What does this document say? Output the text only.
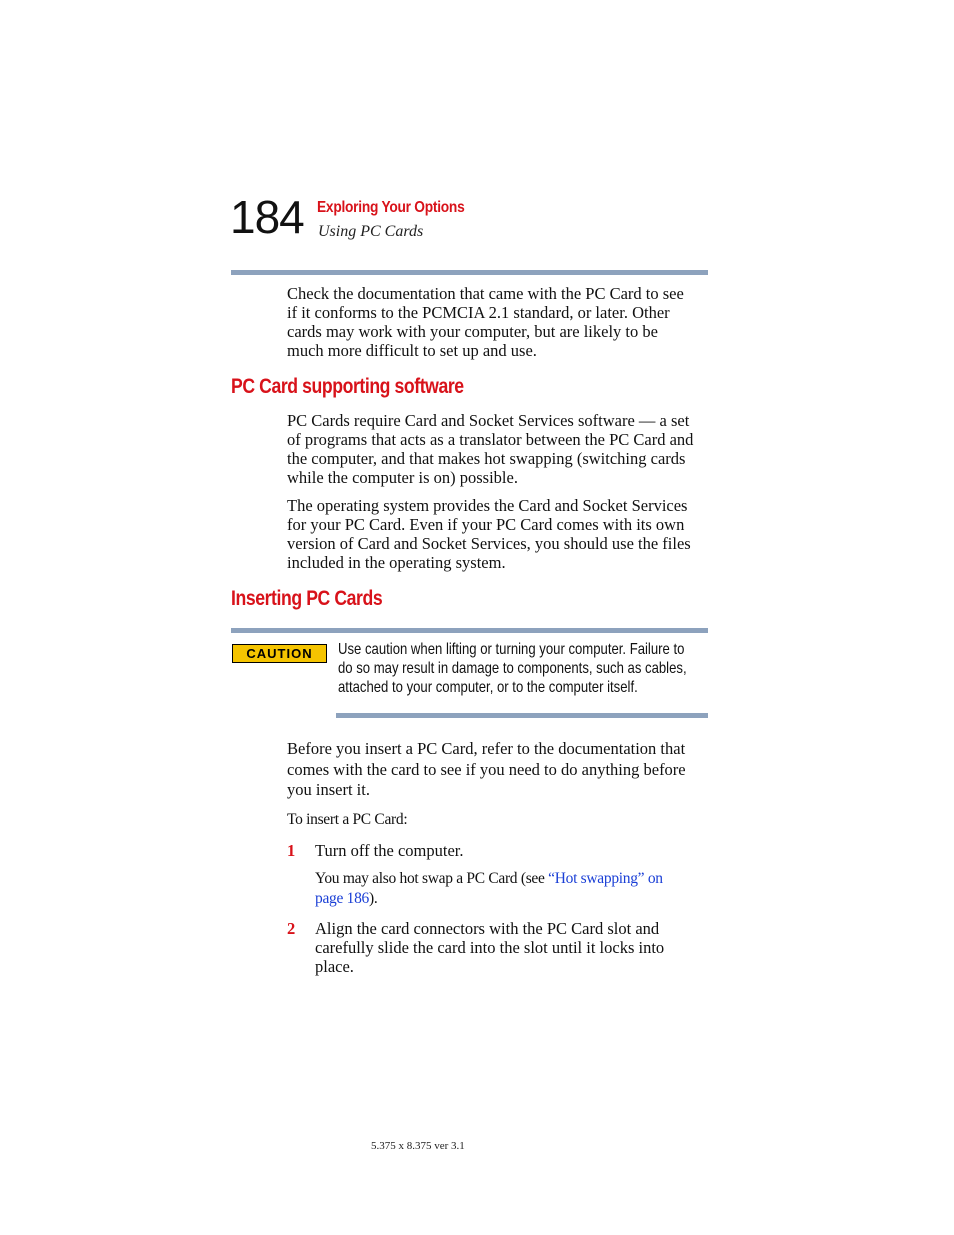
184 Exploring Your Options
Using PC Cards
Check the documentation that came with the PC Card to see
if it conforms to the PCMCIA 2.1 standard, or later. Other
cards may work with your computer, but are likely to be
much more difficult to set up and use.
PC Card supporting software
PC Cards require Card and Socket Services software — a set
of programs that acts as a translator between the PC Card and
the computer, and that makes hot swapping (switching cards
while the computer is on) possible.
The operating system provides the Card and Socket Services
for your PC Card. Even if your PC Card comes with its own
version of Card and Socket Services, you should use the files
included in the operating system.
Inserting PC Cards
CAUTION	Use caution when lifting or turning your computer. Failure to
do so may result in damage to components, such as cables,
attached to your computer, or to the computer itself.
Before you insert a PC Card, refer to the documentation that
comes with the card to see if you need to do anything before
you insert it.
To insert a PC Card:
1 Turn off the computer.
You may also hot swap a PC Card (see “Hot swapping” on
page 186).
2 Align the card connectors with the PC Card slot and
carefully slide the card into the slot until it locks into
place.
5.375 x 8.375 ver 3.1
